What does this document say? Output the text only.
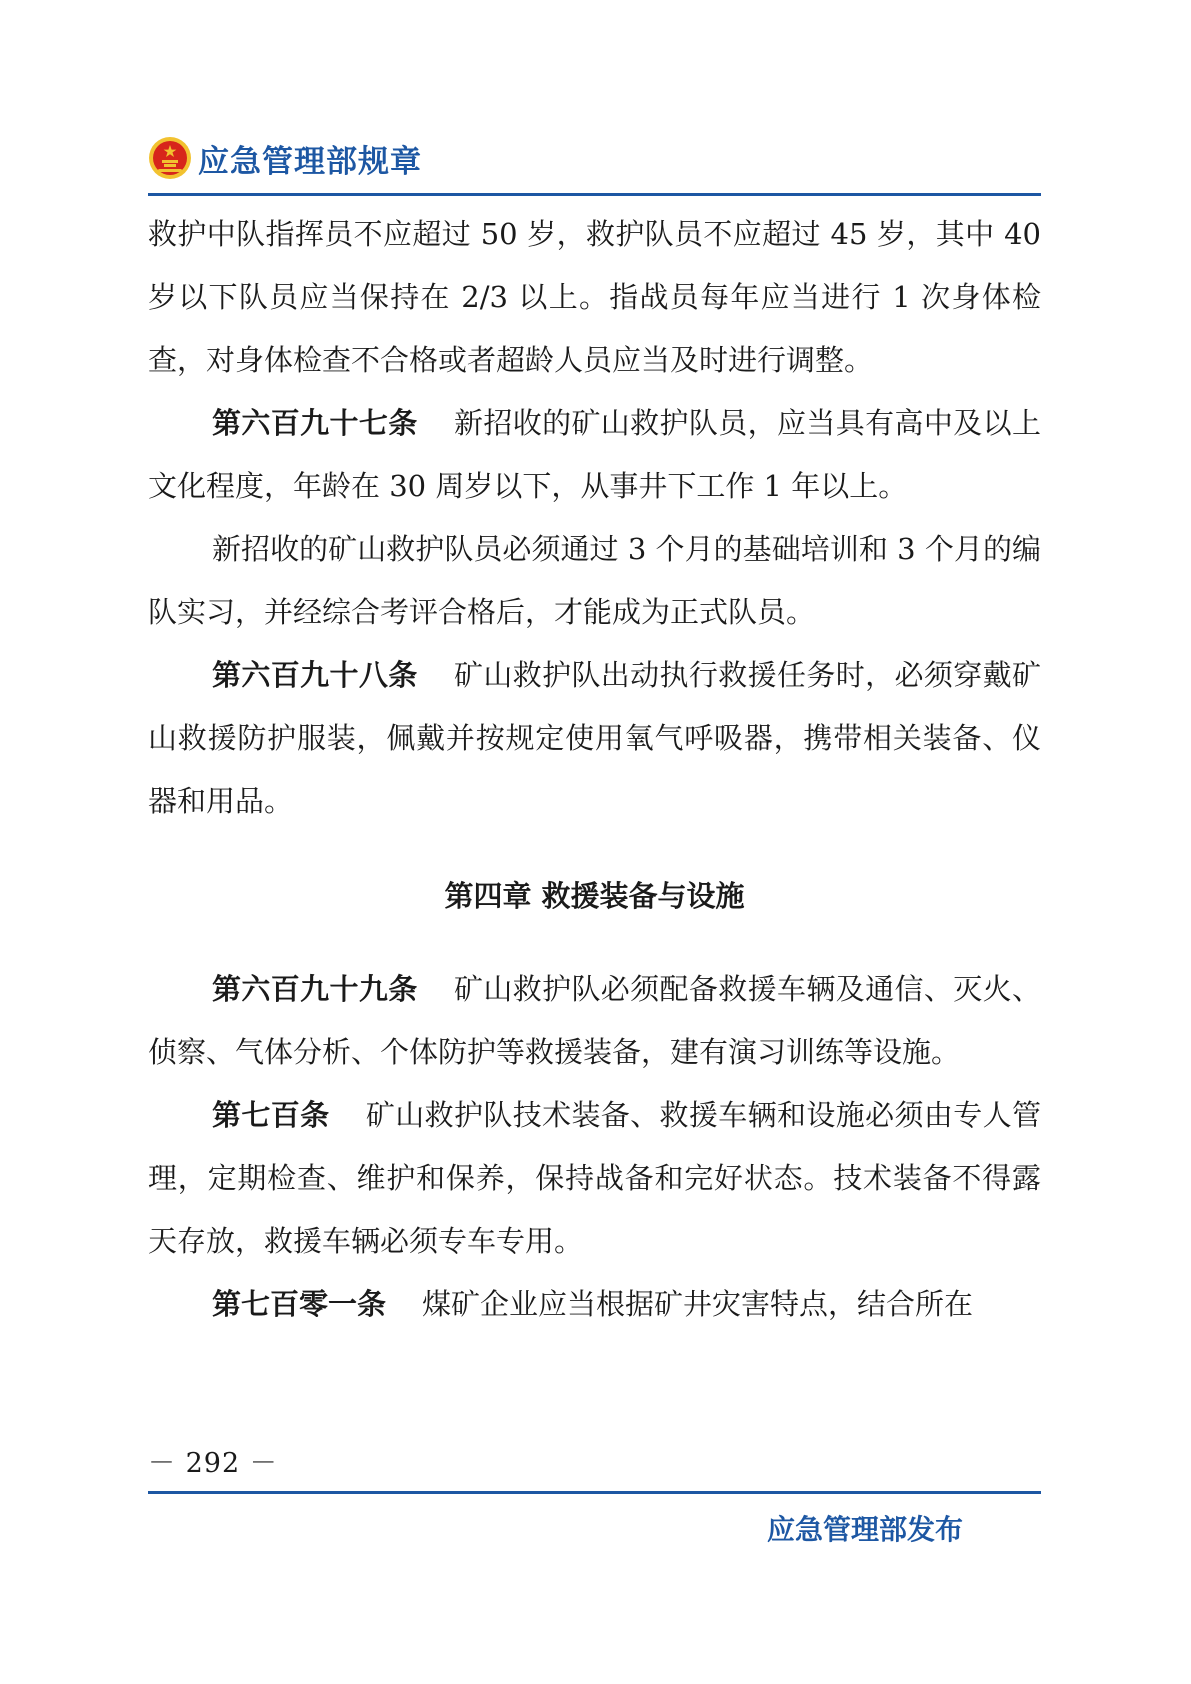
应急管理部规章

救护中队指挥员不应超过 50 岁，救护队员不应超过 45 岁，其中 40 岁以下队员应当保持在 2/3 以上。指战员每年应当进行 1 次身体检查，对身体检查不合格或者超龄人员应当及时进行调整。

第六百九十七条 新招收的矿山救护队员，应当具有高中及以上文化程度，年龄在 30 周岁以下，从事井下工作 1 年以上。

新招收的矿山救护队员必须通过 3 个月的基础培训和 3 个月的编队实习，并经综合考评合格后，才能成为正式队员。

第六百九十八条 矿山救护队出动执行救援任务时，必须穿戴矿山救援防护服装，佩戴并按规定使用氧气呼吸器，携带相关装备、仪器和用品。

第四章 救援装备与设施

第六百九十九条 矿山救护队必须配备救援车辆及通信、灭火、侦察、气体分析、个体防护等救援装备，建有演习训练等设施。

第七百条 矿山救护队技术装备、救援车辆和设施必须由专人管理，定期检查、维护和保养，保持战备和完好状态。技术装备不得露天存放，救援车辆必须专车专用。

第七百零一条 煤矿企业应当根据矿井灾害特点，结合所在

－ 292 －
应急管理部发布
